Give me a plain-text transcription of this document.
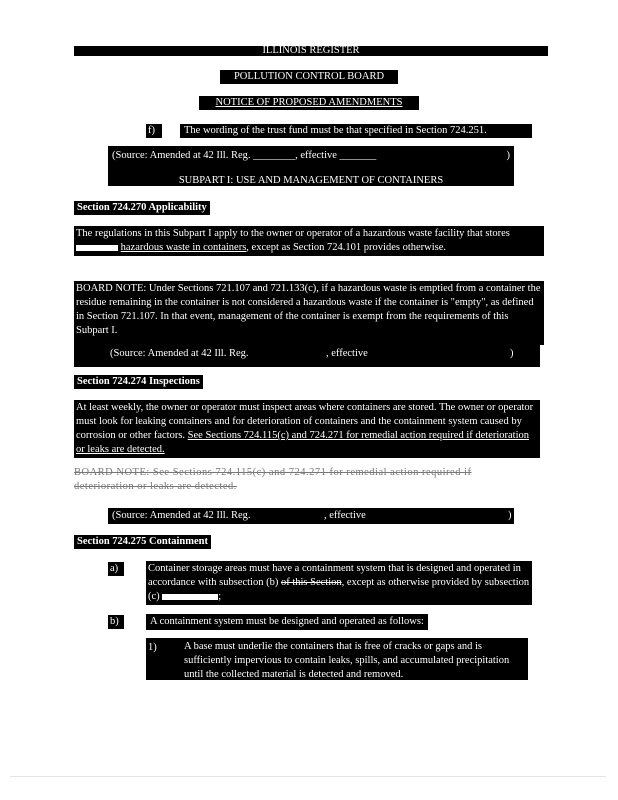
ILLINOIS REGISTER
POLLUTION CONTROL BOARD
NOTICE OF PROPOSED AMENDMENTS
f)	The wording of the trust fund must be that specified in Section 724.251.
(Source: Amended at 42 Ill. Reg. ________, effective _______	)
SUBPART I: USE AND MANAGEMENT OF CONTAINERS
Section 724.270 Applicability
The regulations in this Subpart I apply to the owner or operator of a hazardous waste facility that stores  hazardous waste in containers, except as Section 724.101 provides otherwise.
BOARD NOTE: Under Sections 721.107 and 721.133(c), if a hazardous waste is emptied from a container the residue remaining in the container is not considered a hazardous waste if the container is "empty", as defined in Section 721.107. In that event, management of the container is exempt from the requirements of this Subpart I.
(Source: Amended at 42 Ill. Reg.	, effective	)
Section 724.274 Inspections
At least weekly, the owner or operator must inspect areas where containers are stored. The owner or operator must look for leaking containers and for deterioration of containers and the containment system caused by corrosion or other factors. See Sections 724.115(c) and 724.271 for remedial action required if deterioration or leaks are detected.
BOARD NOTE: See Sections 724.115(c) and 724.271 for remedial action required if deterioration or leaks are detected.
(Source: Amended at 42 Ill. Reg.	, effective	)
Section 724.275 Containment
a)	Container storage areas must have a containment system that is designed and operated in accordance with subsection (b) of this Section, except as otherwise provided by subsection (c)	;
b)	A containment system must be designed and operated as follows:
1)	A base must underlie the containers that is free of cracks or gaps and is sufficiently impervious to contain leaks, spills, and accumulated precipitation until the collected material is detected and removed.
